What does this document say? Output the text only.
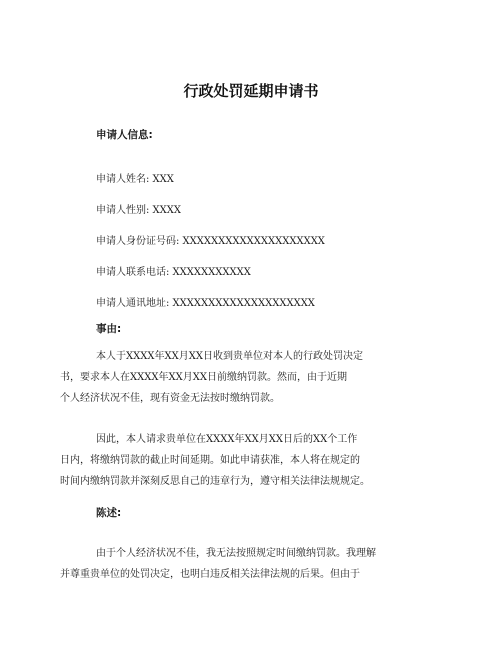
行政处罚延期申请书

申请人信息:

申请人姓名: XXX

申请人性别: XXXX

申请人身份证号码: XXXXXXXXXXXXXXXXXXXX

申请人联系电话: XXXXXXXXXXX

申请人通讯地址: XXXXXXXXXXXXXXXXXXXX

事由:

本人于XXXX年XX月XX日收到贵单位对本人的行政处罚决定

书，要求本人在XXXX年XX月XX日前缴纳罚款。然而，由于近期

个人经济状况不佳，现有资金无法按时缴纳罚款。

因此，本人请求贵单位在XXXX年XX月XX日后的XX个工作

日内，将缴纳罚款的截止时间延期。如此申请获准，本人将在规定的

时间内缴纳罚款并深刻反思自己的违章行为，遵守相关法律法规规定。

陈述:

由于个人经济状况不佳，我无法按照规定时间缴纳罚款。我理解

并尊重贵单位的处罚决定，也明白违反相关法律法规的后果。但由于
